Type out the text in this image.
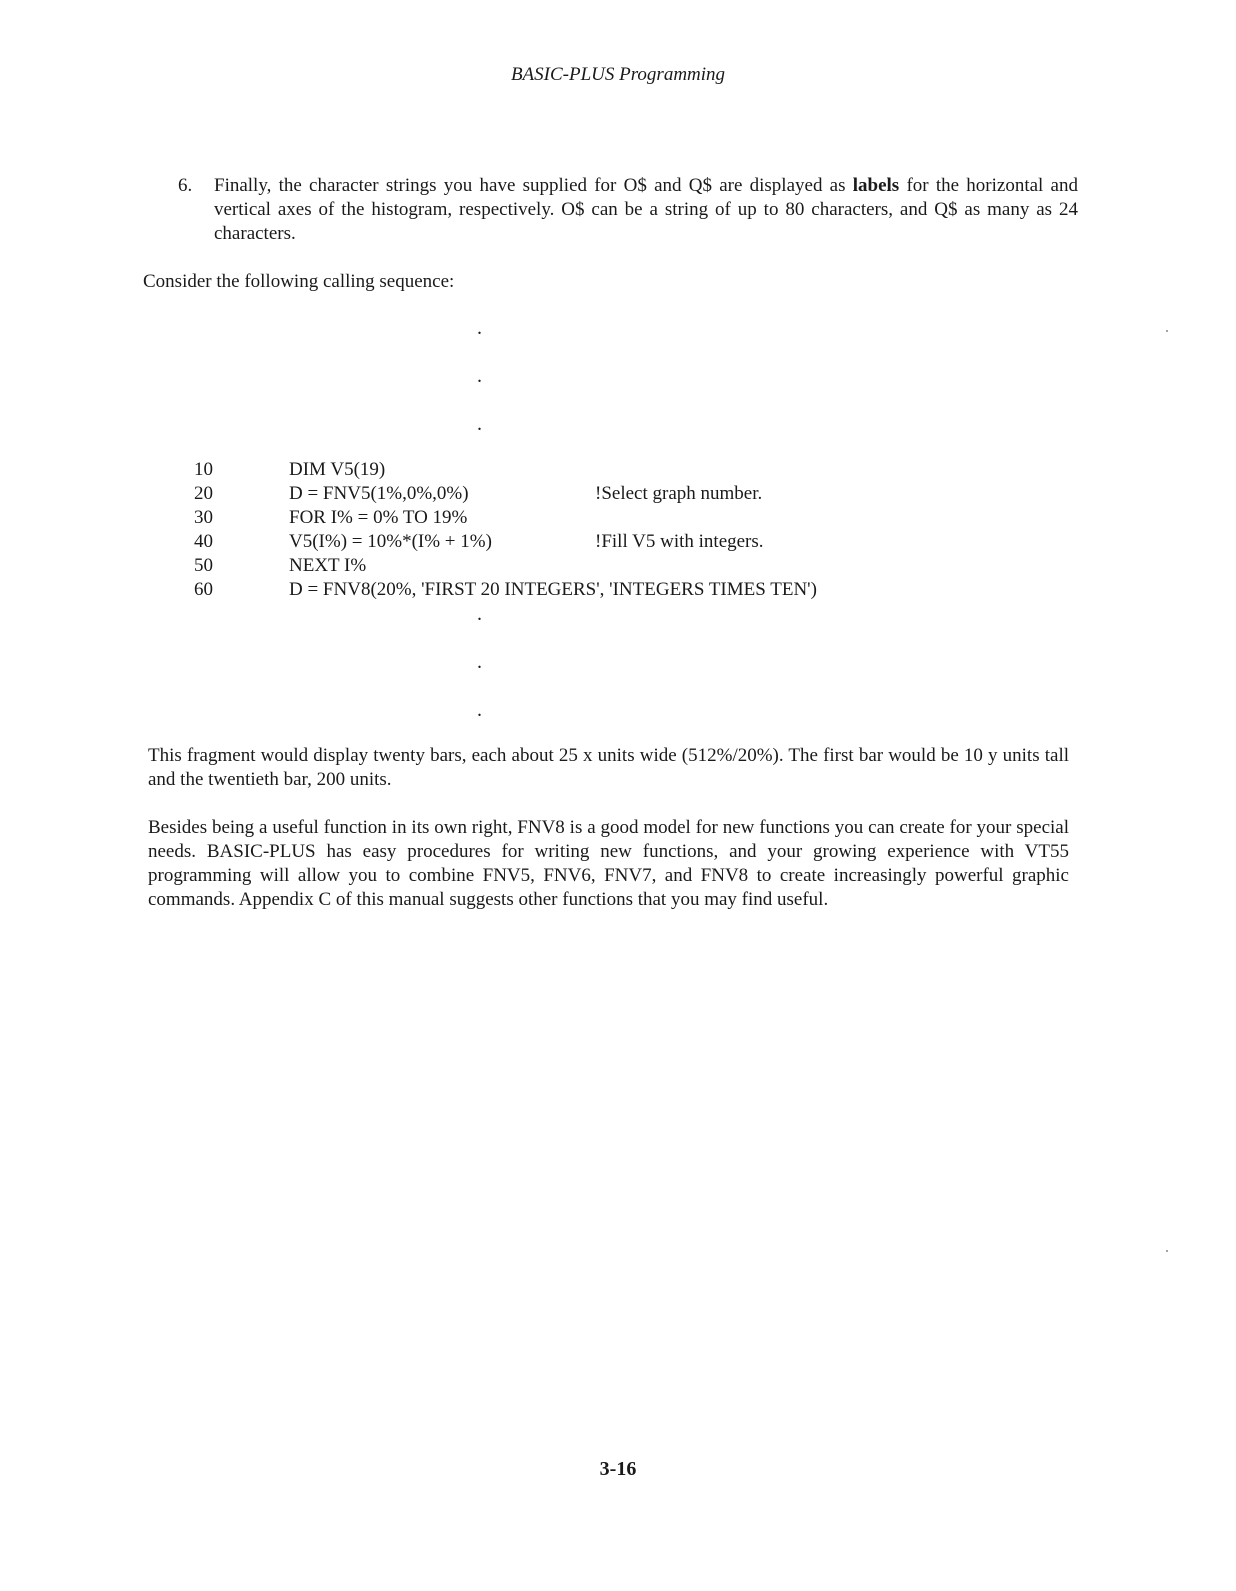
BASIC-PLUS Programming
6. Finally, the character strings you have supplied for O$ and Q$ are displayed as labels for the horizontal and vertical axes of the histogram, respectively. O$ can be a string of up to 80 characters, and Q$ as many as 24 characters.
Consider the following calling sequence:
.
.
.
10	DIM V5(19)
20	D = FNV5(1%,0%,0%)	!Select graph number.
30	FOR I% = 0% TO 19%
40	V5(I%) = 10%*(I% + 1%)	!Fill V5 with integers.
50	NEXT I%
60	D = FNV8(20%, 'FIRST 20 INTEGERS', 'INTEGERS TIMES TEN')
.
.
.
This fragment would display twenty bars, each about 25 x units wide (512%/20%). The first bar would be 10 y units tall and the twentieth bar, 200 units.
Besides being a useful function in its own right, FNV8 is a good model for new functions you can create for your special needs. BASIC-PLUS has easy procedures for writing new functions, and your growing experience with VT55 programming will allow you to combine FNV5, FNV6, FNV7, and FNV8 to create increasingly powerful graphic commands. Appendix C of this manual suggests other functions that you may find useful.
3-16
